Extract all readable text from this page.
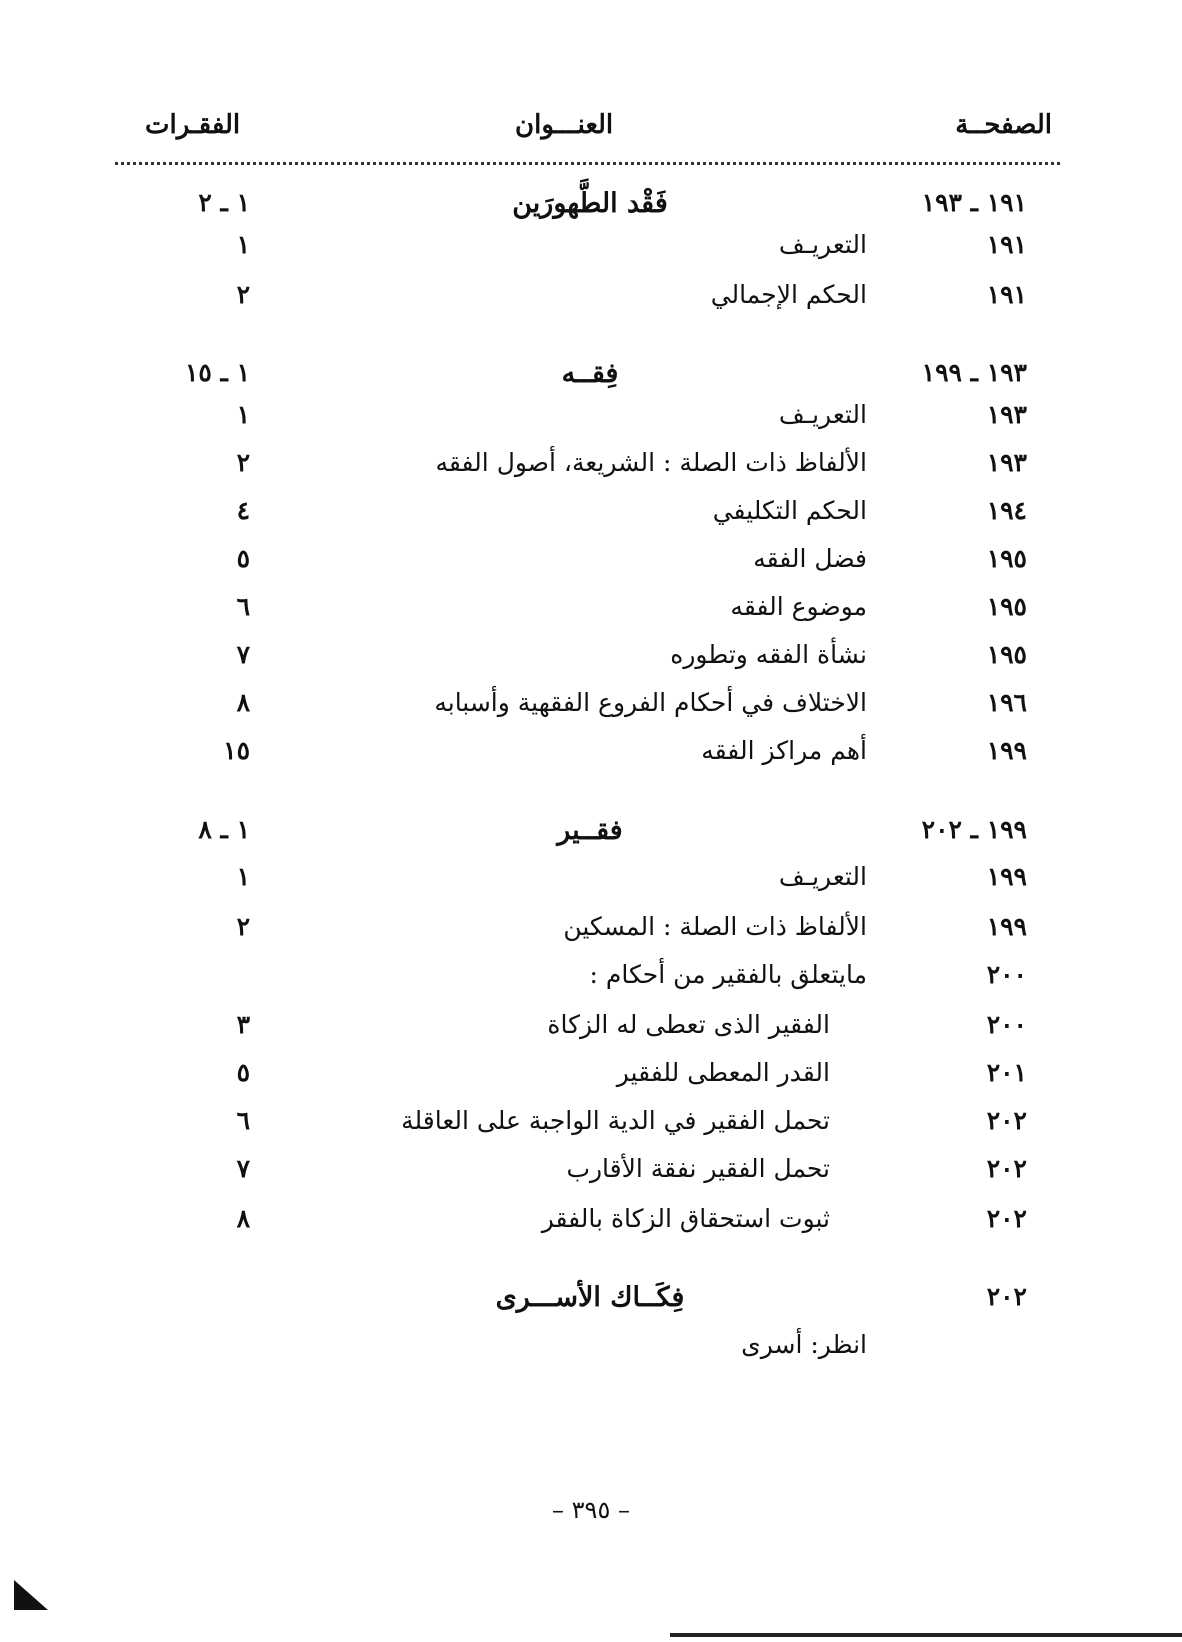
الصفحــة
العنـــوان
الفقـرات
١٩١ ـ ١٩٣
فَقْد الطَّهورَين
١ ـ ٢
١٩١
التعريـف
١
١٩١
الحكم الإجمالي
٢
١٩٣ ـ ١٩٩
فِقــه
١ ـ ١٥
١٩٣
التعريـف
١
١٩٣
الألفاظ ذات الصلة : الشريعة، أصول الفقه
٢
١٩٤
الحكم التكليفي
٤
١٩٥
فضل الفقه
٥
١٩٥
موضوع الفقه
٦
١٩٥
نشأة الفقه وتطوره
٧
١٩٦
الاختلاف في أحكام الفروع الفقهية وأسبابه
٨
١٩٩
أهم مراكز الفقه
١٥
١٩٩ ـ ٢٠٢
فقــير
١ ـ ٨
١٩٩
التعريـف
١
١٩٩
الألفاظ ذات الصلة : المسكين
٢
٢٠٠
مايتعلق بالفقير من أحكام :
٢٠٠
الفقير الذى تعطى له الزكاة
٣
٢٠١
القدر المعطى للفقير
٥
٢٠٢
تحمل الفقير في الدية الواجبة على العاقلة
٦
٢٠٢
تحمل الفقير نفقة الأقارب
٧
٢٠٢
ثبوت استحقاق الزكاة بالفقر
٨
٢٠٢
فِكَــاك الأســـرى
انظر: أسرى
– ٣٩٥ –
